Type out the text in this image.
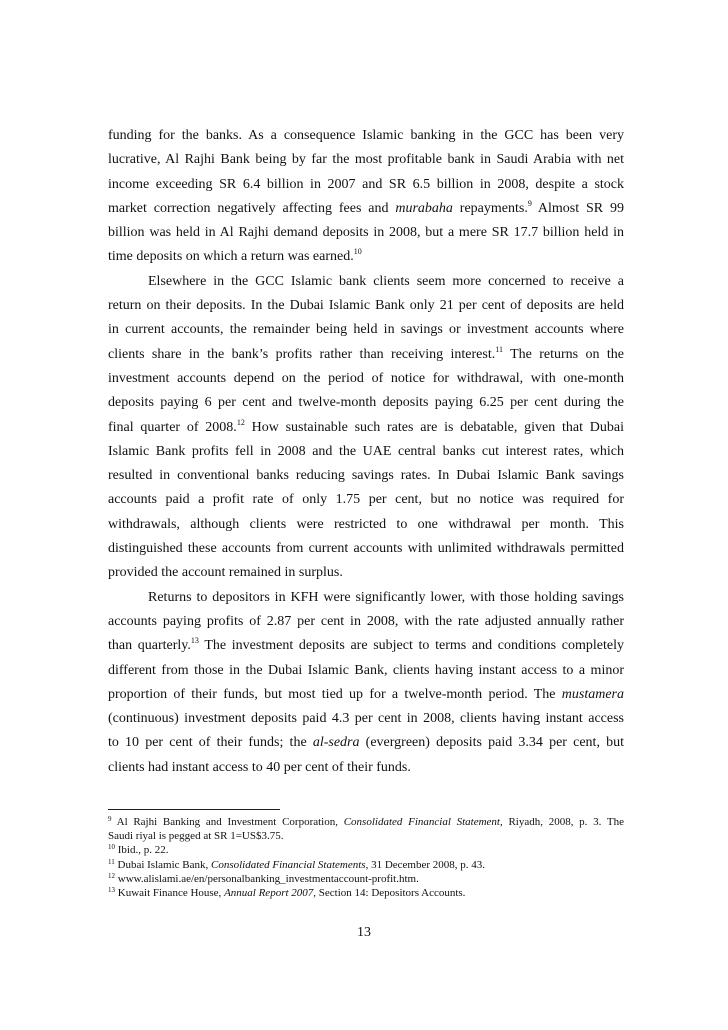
funding for the banks. As a consequence Islamic banking in the GCC has been very
lucrative, Al Rajhi Bank being by far the most profitable bank in Saudi Arabia with net
income exceeding SR 6.4 billion in 2007 and SR 6.5 billion in 2008, despite a stock
market correction negatively affecting fees and murabaha repayments.$^9$ Almost SR 99
billion was held in Al Rajhi demand deposits in 2008, but a mere SR 17.7 billion held in
time deposits on which a return was earned.$^{10}$
Elsewhere in the GCC Islamic bank clients seem more concerned to receive a
return on their deposits. In the Dubai Islamic Bank only 21 per cent of deposits are held
in current accounts, the remainder being held in savings or investment accounts where
clients share in the bank’s profits rather than receiving interest.$^{11}$ The returns on the
investment accounts depend on the period of notice for withdrawal, with one-month
deposits paying 6 per cent and twelve-month deposits paying 6.25 per cent during the
final quarter of 2008.12 How sustainable such rates are is debatable, given that Dubai
Islamic Bank profits fell in 2008 and the UAE central banks cut interest rates, which
resulted in conventional banks reducing savings rates. In Dubai Islamic Bank savings
accounts paid a profit rate of only 1.75 per cent, but no notice was required for
withdrawals, although clients were restricted to one withdrawal per month. This
distinguished these accounts from current accounts with unlimited withdrawals permitted
provided the account remained in surplus.
Returns to depositors in KFH were significantly lower, with those holding savings
accounts paying profits of 2.87 per cent in 2008, with the rate adjusted annually rather
than quarterly.$^{13}$ The investment deposits are subject to terms and conditions completely
different from those in the Dubai Islamic Bank, clients having instant access to a minor
proportion of their funds, but most tied up for a twelve-month period. The mustamera
(continuous) investment deposits paid 4.3 per cent in 2008, clients having instant access
to 10 per cent of their funds; the al-sedra (evergreen) deposits paid 3.34 per cent, but
clients had instant access to 40 per cent of their funds.
$^9$ Al Rajhi Banking and Investment Corporation, Consolidated Financial Statement, Riyadh, 2008, p. 3. The
Saudi riyal is pegged at SR 1=US$3.75.
$^{10}$ Ibid., p. 22.
$^{11}$ Dubai Islamic Bank, Consolidated Financial Statements, 31 December 2008, p. 43.
$^{12}$ www.alislami.ae/en/personalbanking_investmentaccount-profit.htm.
$^{13}$ Kuwait Finance House, Annual Report 2007, Section 14: Depositors Accounts.
13
